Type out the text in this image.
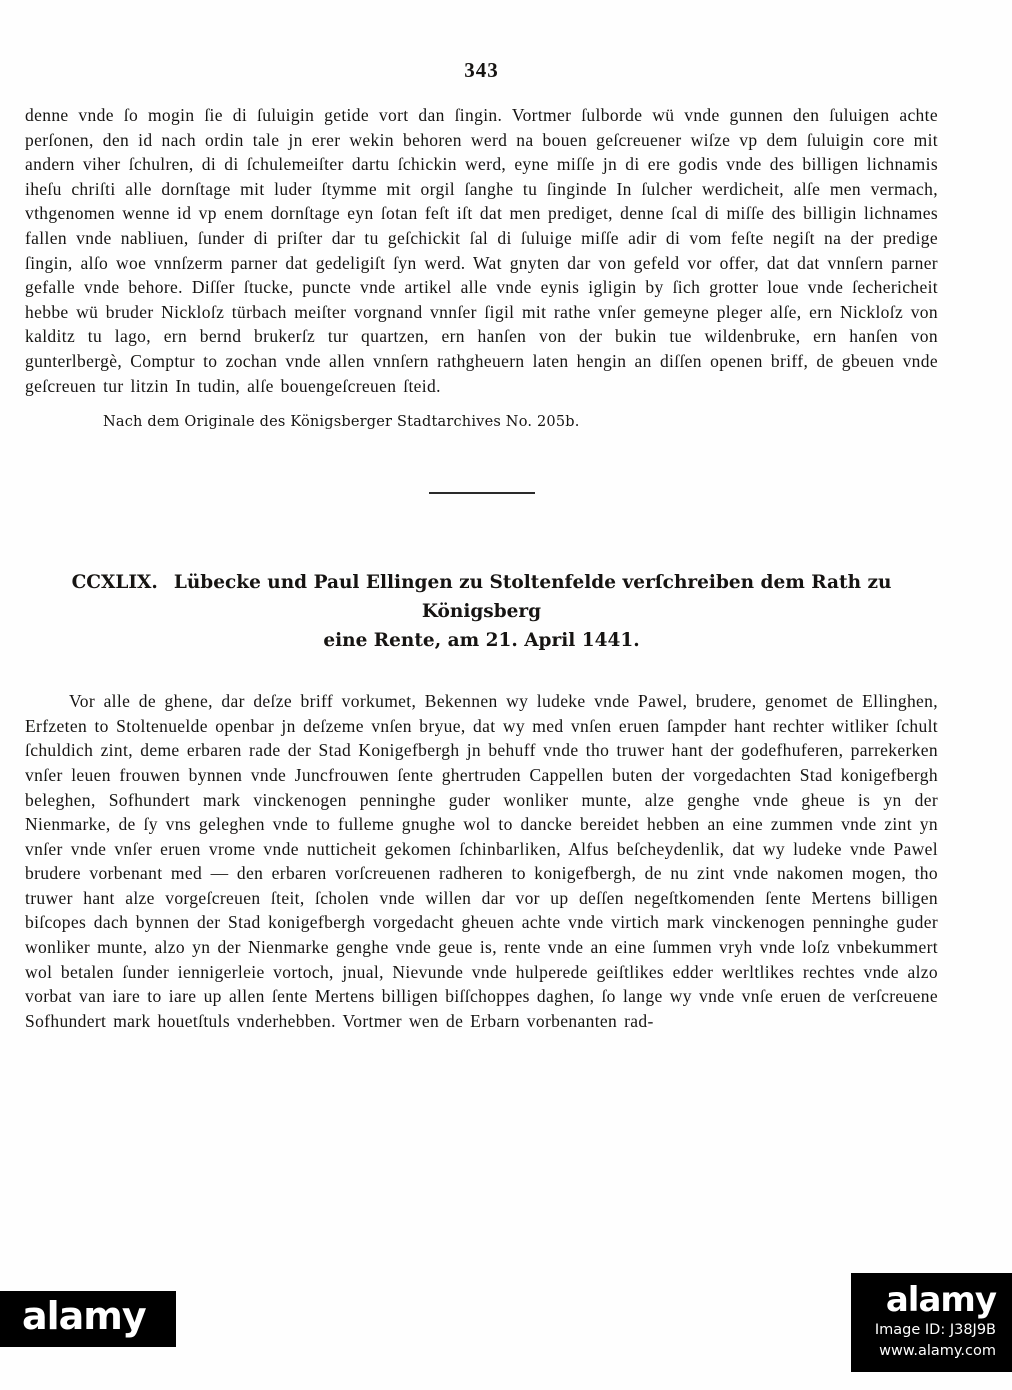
343

denne vnde ſo mogin ſie di ſuluigin getide vort dan ſingin. Vortmer ſulborde wü vnde gunnen den ſuluigen achte perſonen, den id nach ordin tale jn erer wekin behoren werd na bouen geſcreuener wiſze vp dem ſuluigin core mit andern viher ſchulren, di di ſchulemeiſter dartu ſchickin werd, eyne miſſe jn di ere godis vnde des billigen lichnamis iheſu chriſti alle dornſtage mit luder ſtymme mit orgil ſanghe tu ſinginde In ſulcher werdicheit, alſe men vermach, vthgenomen wenne id vp enem dornſtage eyn ſotan feſt iſt dat men prediget, denne ſcal di miſſe des billigin lichnames fallen vnde nabliuen, ſunder di priſter dar tu geſchickit ſal di ſuluige miſſe adir di vom feſte negiſt na der predige ſingin, alſo woe vnnſzerm parner dat gedeligiſt ſyn werd. Wat gnyten dar von gefeld vor offer, dat dat vnnſern parner gefalle vnde behore. Diſſer ſtucke, puncte vnde artikel alle vnde eynis igligin by ſich grotter loue vnde ſechericheit hebbe wü bruder Nickloſz türbach meiſter vorgnand vnnſer ſigil mit rathe vnſer gemeyne pleger alſe, ern Nickloſz von kalditz tu lago, ern bernd brukerſz tur quartzen, ern hanſen von der bukin tue wildenbruke, ern hanſen von gunterlbergè, Comptur to zochan vnde allen vnnſern rathgheuern laten hengin an diſſen openen briff, de gbeuen vnde geſcreuen tur litzin In tudin, alſe bouengeſcreuen ſteid.

Nach dem Originale des Königsberger Stadtarchives No. 205b.

CCXLIX. Lübecke und Paul Ellingen zu Stoltenfelde verſchreiben dem Rath zu Königsberg
eine Rente, am 21. April 1441.

Vor alle de ghene, dar deſze briff vorkumet, Bekennen wy ludeke vnde Pawel, brudere, genomet de Ellinghen, Erfzeten to Stoltenuelde openbar jn deſzeme vnſen bryue, dat wy med vnſen eruen ſampder hant rechter witliker ſchult ſchuldich zint, deme erbaren rade der Stad Konigefbergh jn behuff vnde tho truwer hant der godefhuferen, parrekerken vnſer leuen frouwen bynnen vnde Juncfrouwen ſente ghertruden Cappellen buten der vorgedachten Stad konigefbergh beleghen, Sofhundert mark vinckenogen penninghe guder wonliker munte, alze genghe vnde gheue is yn der Nienmarke, de ſy vns geleghen vnde to fulleme gnughe wol to dancke bereidet hebben an eine zummen vnde zint yn vnſer vnde vnſer eruen vrome vnde nutticheit gekomen ſchinbarliken, Alfus beſcheydenlik, dat wy ludeke vnde Pawel brudere vorbenant med — den erbaren vorſcreuenen radheren to konigefbergh, de nu zint vnde nakomen mogen, tho truwer hant alze vorgeſcreuen ſteit, ſcholen vnde willen dar vor up deſſen negeſtkomenden ſente Mertens billigen biſcopes dach bynnen der Stad konigefbergh vorgedacht gheuen achte vnde virtich mark vinckenogen penninghe guder wonliker munte, alzo yn der Nienmarke genghe vnde geue is, rente vnde an eine ſummen vryh vnde loſz vnbekummert wol betalen ſunder iennigerleie vortoch, jnual, Nievunde vnde hulperede geiſtlikes edder werltlikes rechtes vnde alzo vorbat van iare to iare up allen ſente Mertens billigen biſſchoppes daghen, ſo lange wy vnde vnſe eruen de verſcreuene Sofhundert mark houetſtuls vnderhebben. Vortmer wen de Erbarn vorbenanten rad-

alamy	alamy
Image ID: J38J9B
www.alamy.com
